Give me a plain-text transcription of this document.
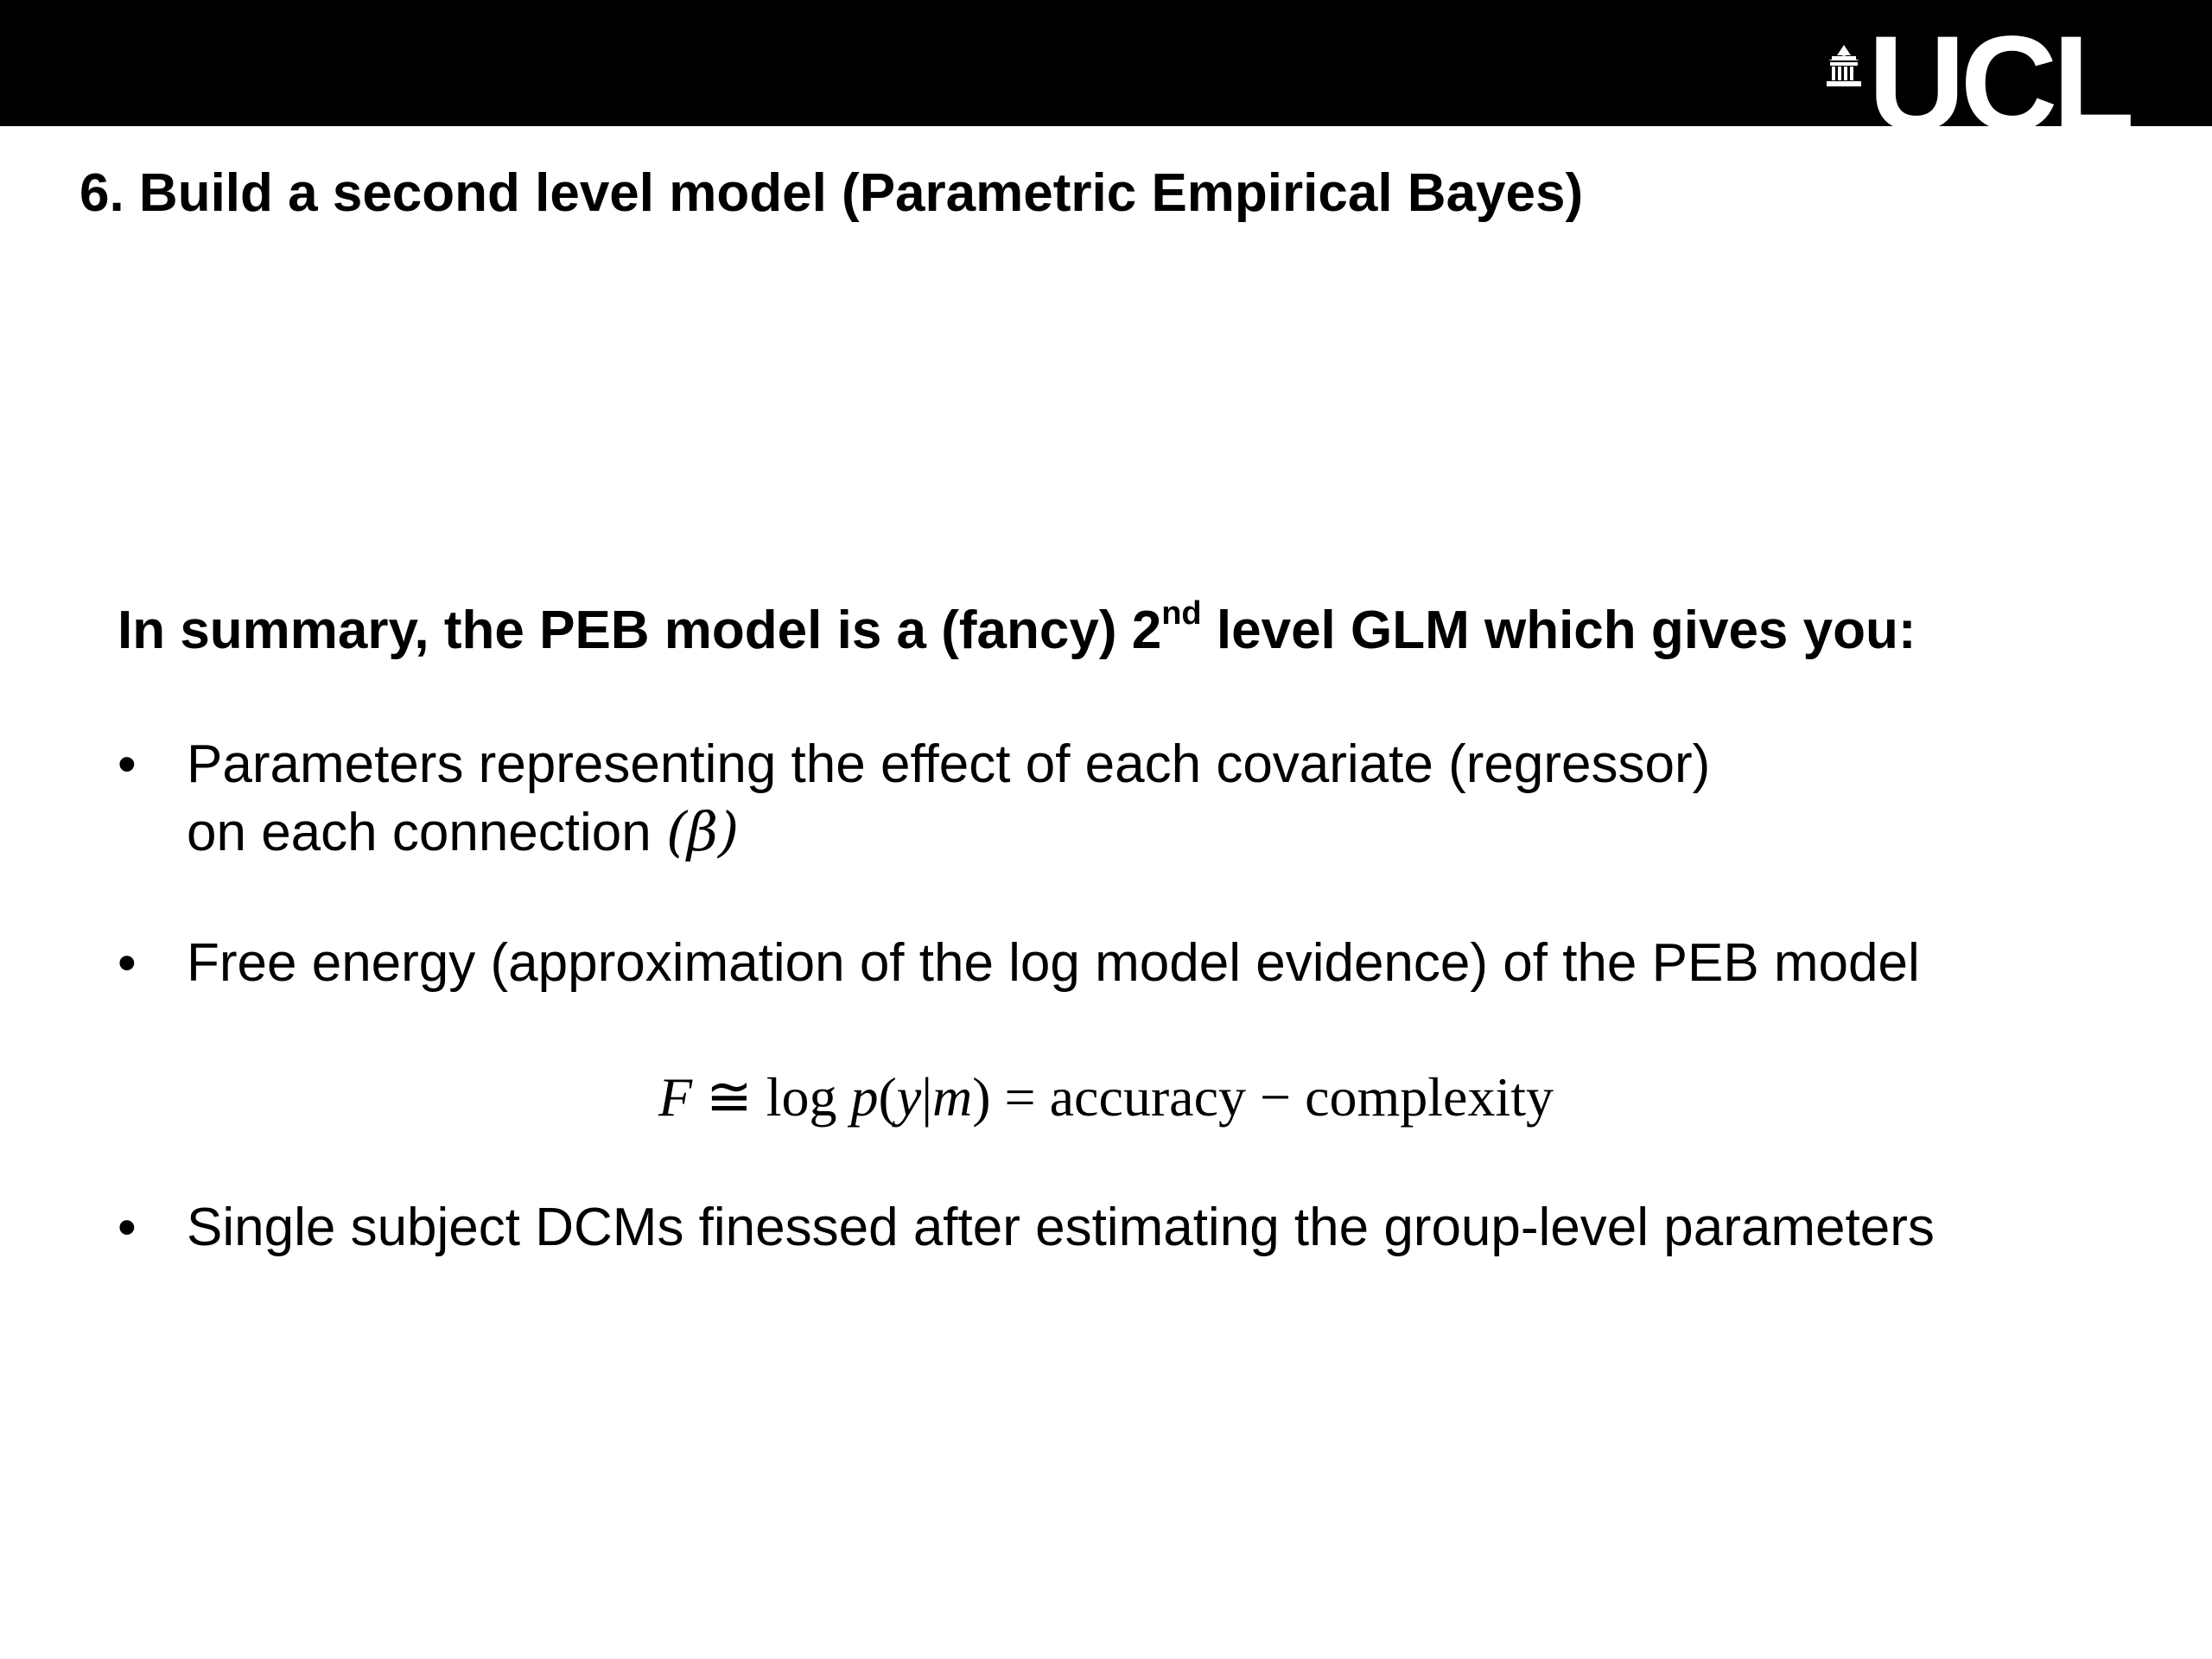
UCL
6. Build a second level model (Parametric Empirical Bayes)
In summary, the PEB model is a (fancy) 2nd level GLM which gives you:
• Parameters representing the effect of each covariate (regressor)
on each connection (β)
• Free energy (approximation of the log model evidence) of the PEB model
F ≅ log p(y|m) = accuracy − complexity
• Single subject DCMs finessed after estimating the group-level parameters
